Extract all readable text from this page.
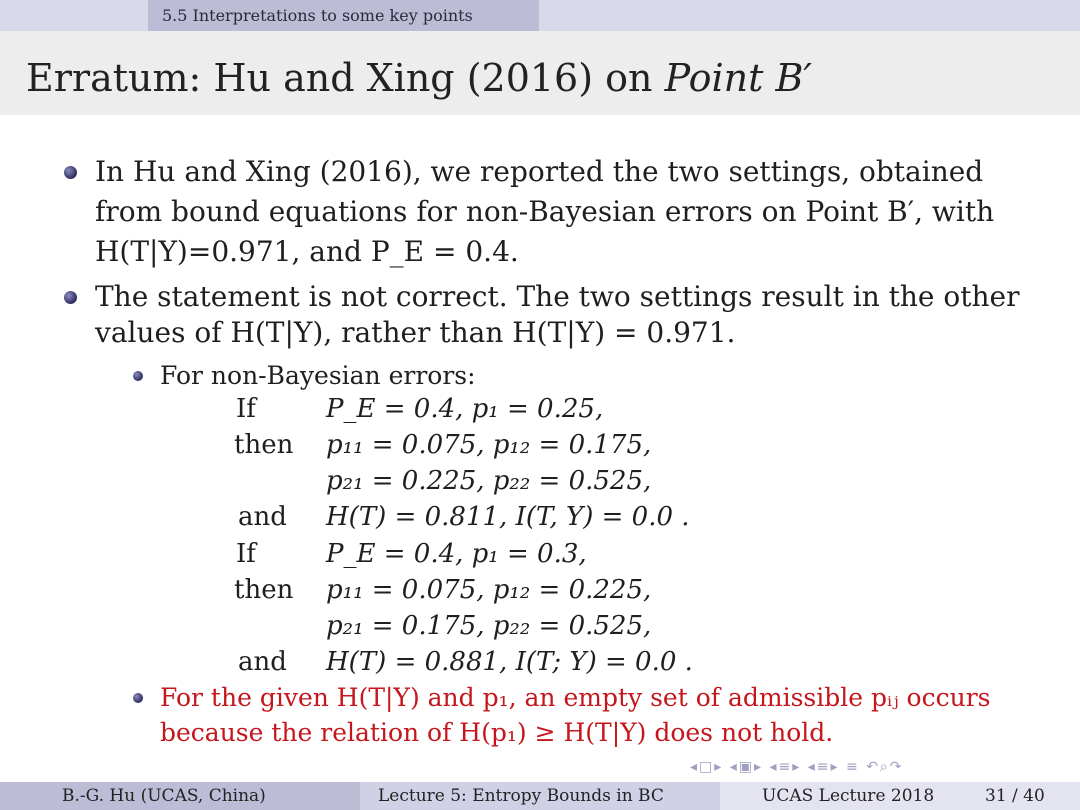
5.5 Interpretations to some key points
Erratum: Hu and Xing (2016) on Point B′
In Hu and Xing (2016), we reported the two settings, obtained
from bound equations for non-Bayesian errors on Point B′, with
H(T|Y)=0.971, and P_E = 0.4.
The statement is not correct. The two settings result in the other
values of H(T|Y), rather than H(T|Y) = 0.971.
For non-Bayesian errors:
If	P_E = 0.4, p₁ = 0.25,
then p₁₁ = 0.075, p₁₂ = 0.175,
p₂₁ = 0.225, p₂₂ = 0.525,
and H(T) = 0.811, I(T, Y) = 0.0 .
If	P_E = 0.4, p₁ = 0.3,
then p₁₁ = 0.075, p₁₂ = 0.225,
p₂₁ = 0.175, p₂₂ = 0.525,
and H(T) = 0.881, I(T; Y) = 0.0 .
For the given H(T|Y) and p₁, an empty set of admissible pᵢⱼ occurs
because the relation of H(p₁) ≥ H(T|Y) does not hold.
◂□▸ ◂▣▸ ◂≡▸ ◂≡▸ ≡ ↶⌕↷
B.-G. Hu (UCAS, China)	Lecture 5: Entropy Bounds in BC	UCAS Lecture 2018	31 / 40
